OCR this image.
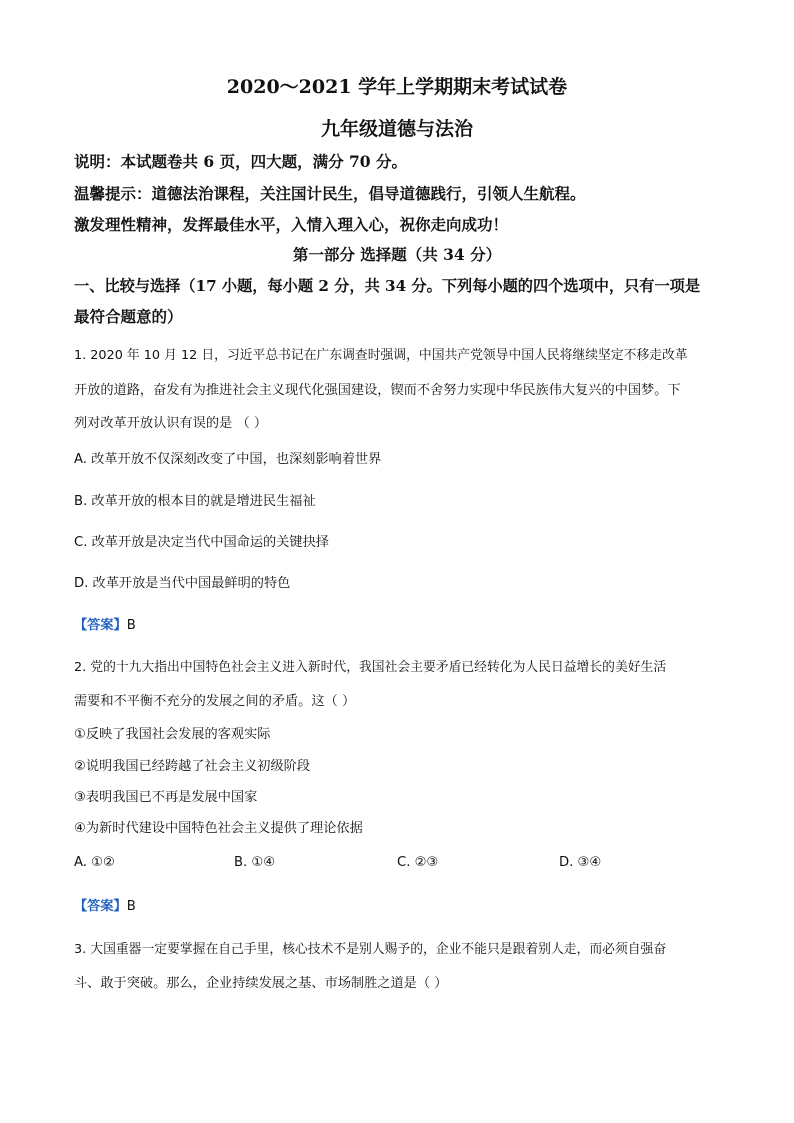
2020～2021 学年上学期期末考试试卷
九年级道德与法治
说明：本试题卷共 6 页，四大题，满分 70 分。
温馨提示：道德法治课程，关注国计民生，倡导道德践行，引领人生航程。
激发理性精神，发挥最佳水平，入情入理入心，祝你走向成功！
第一部分 选择题（共 34 分）
一、比较与选择（17 小题，每小题 2 分，共 34 分。下列每小题的四个选项中，只有一项是
最符合题意的）
1. 2020 年 10 月 12 日，习近平总书记在广东调查时强调，中国共产党领导中国人民将继续坚定不移走改革
开放的道路，奋发有为推进社会主义现代化强国建设，锲而不舍努力实现中华民族伟大复兴的中国梦。下
列对改革开放认识有误的是 （ ）
A. 改革开放不仅深刻改变了中国，也深刻影响着世界
B. 改革开放的根本目的就是增进民生福祉
C. 改革开放是决定当代中国命运的关键抉择
D. 改革开放是当代中国最鲜明的特色
【答案】B
2. 党的十九大指出中国特色社会主义进入新时代，我国社会主要矛盾已经转化为人民日益增长的美好生活
需要和不平衡不充分的发展之间的矛盾。这（ ）
①反映了我国社会发展的客观实际
②说明我国已经跨越了社会主义初级阶段
③表明我国已不再是发展中国家
④为新时代建设中国特色社会主义提供了理论依据
A. ①②	B. ①④	C. ②③	D. ③④
【答案】B
3. 大国重器一定要掌握在自己手里，核心技术不是别人赐予的，企业不能只是跟着别人走，而必须自强奋
斗、敢于突破。那么，企业持续发展之基、市场制胜之道是（ ）
